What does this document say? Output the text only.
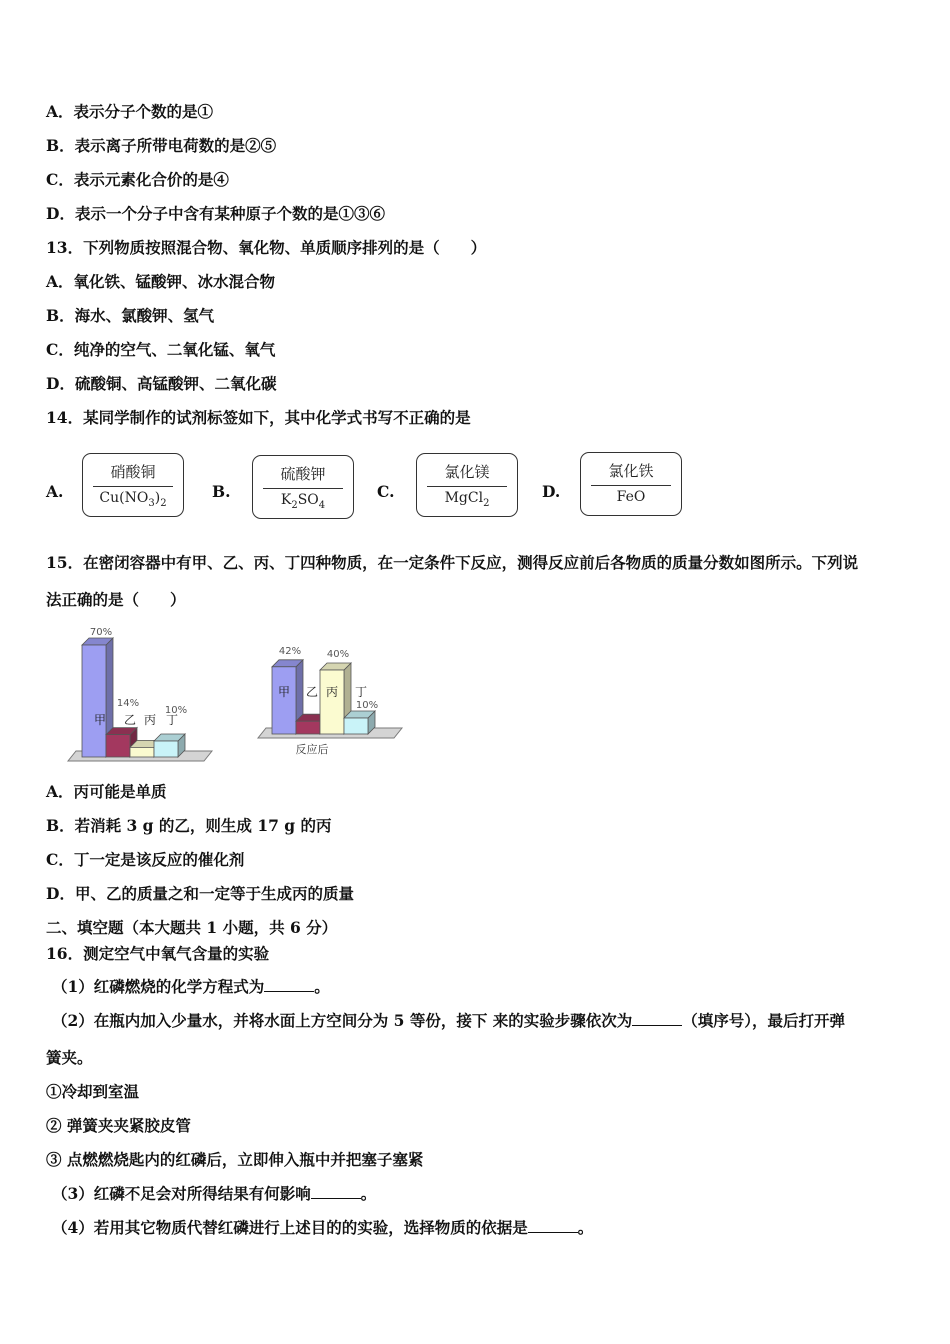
A．表示分子个数的是①
B．表示离子所带电荷数的是②⑤
C．表示元素化合价的是④
D．表示一个分子中含有某种原子个数的是①③⑥
13．下列物质按照混合物、氧化物、单质顺序排列的是（　　）
A．氧化铁、锰酸钾、冰水混合物
B．海水、氯酸钾、氢气
C．纯净的空气、二氧化锰、氧气
D．硫酸铜、高锰酸钾、二氧化碳
14．某同学制作的试剂标签如下，其中化学式书写不正确的是
A.
硝酸铜
$Cu(NO_3)_2$
B.
硫酸钾
$K_2SO_4$
C.
氯化镁
MgCl$_2$
D.
氯化铁
FeO
15．在密闭容器中有甲、乙、丙、丁四种物质，在一定条件下反应，测得反应前后各物质的质量分数如图所示。下列说
法正确的是（　　）
甲 乙 丙 丁
70%
14%
10%
甲 乙 丙 丁
42%	40%
10%
反应后
A．丙可能是单质
B．若消耗 3 g 的乙，则生成 17 g 的丙
C．丁一定是该反应的催化剂
D．甲、乙的质量之和一定等于生成丙的质量
二、填空题（本大题共 1 小题，共 6 分）
16．测定空气中氧气含量的实验
（1）红磷燃烧的化学方程式为	。
（2）在瓶内加入少量水，并将水面上方空间分为 5 等份，接下 来的实验步骤依次为	（填序号），最后打开弹
簧夹。
①冷却到室温
② 弹簧夹夹紧胶皮管
③ 点燃燃烧匙内的红磷后，立即伸入瓶中并把塞子塞紧
（3）红磷不足会对所得结果有何影响	。
（4）若用其它物质代替红磷进行上述目的的实验，选择物质的依据是	。
